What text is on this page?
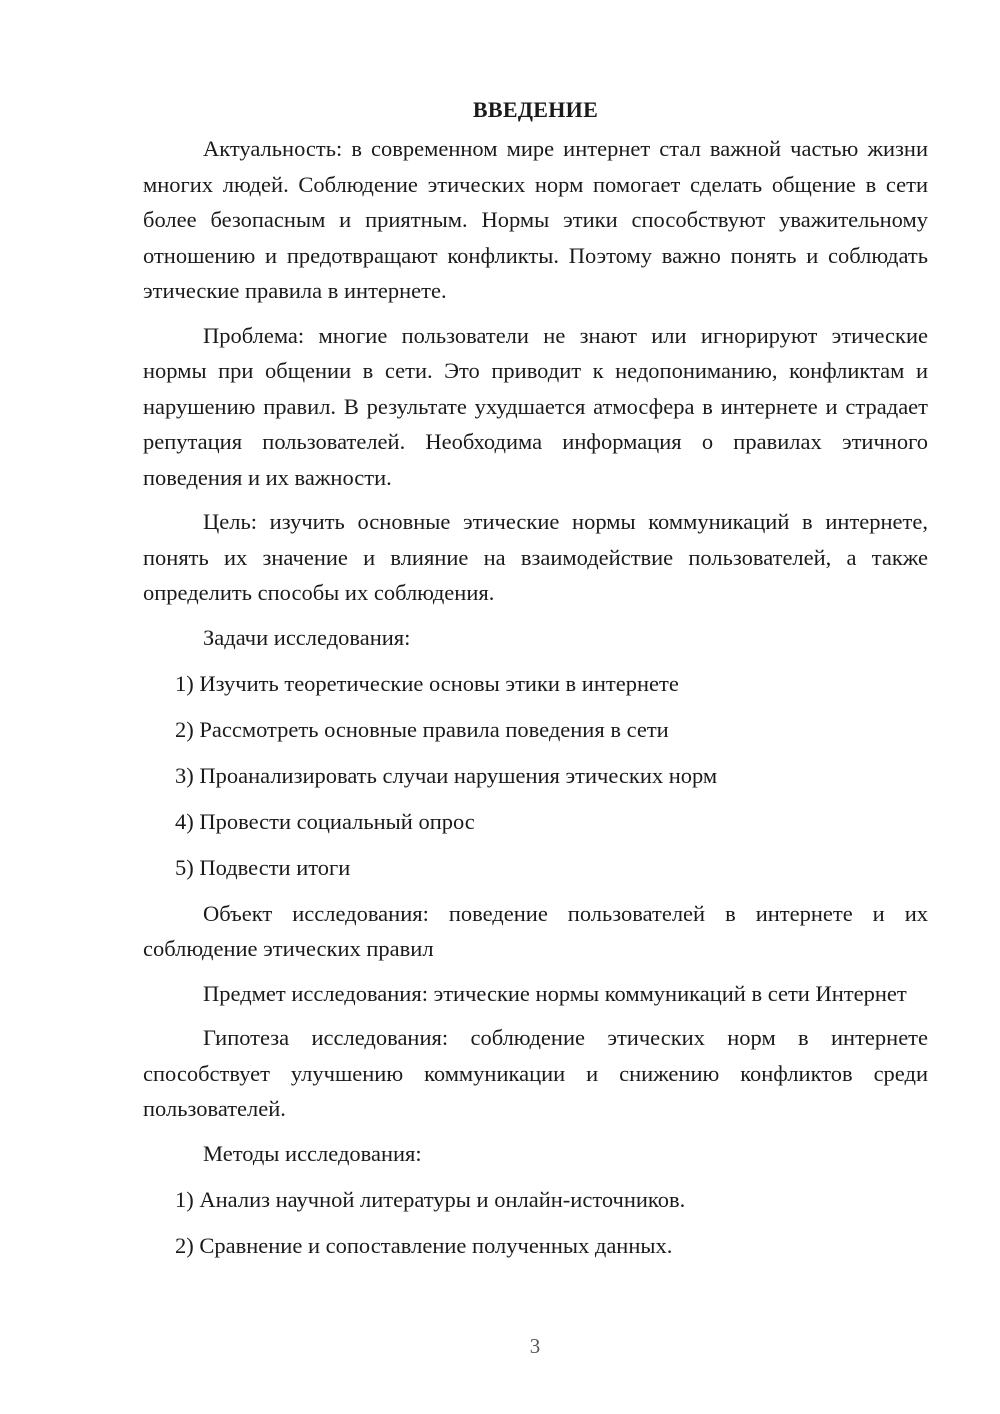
ВВЕДЕНИЕ

Актуальность: в современном мире интернет стал важной частью жизни многих людей. Соблюдение этических норм помогает сделать общение в сети более безопасным и приятным. Нормы этики способствуют уважительному отношению и предотвращают конфликты. Поэтому важно понять и соблюдать этические правила в интернете.

Проблема: многие пользователи не знают или игнорируют этические нормы при общении в сети. Это приводит к недопониманию, конфликтам и нарушению правил. В результате ухудшается атмосфера в интернете и страдает репутация пользователей. Необходима информация о правилах этичного поведения и их важности.

Цель: изучить основные этические нормы коммуникаций в интернете, понять их значение и влияние на взаимодействие пользователей, а также определить способы их соблюдения.

Задачи исследования:

1) Изучить теоретические основы этики в интернете

2) Рассмотреть основные правила поведения в сети

3) Проанализировать случаи нарушения этических норм

4) Провести социальный опрос

5) Подвести итоги

Объект исследования: поведение пользователей в интернете и их соблюдение этических правил

Предмет исследования: этические нормы коммуникаций в сети Интернет

Гипотеза исследования: соблюдение этических норм в интернете способствует улучшению коммуникации и снижению конфликтов среди пользователей.

Методы исследования:

1) Анализ научной литературы и онлайн-источников.

2) Сравнение и сопоставление полученных данных.

3
